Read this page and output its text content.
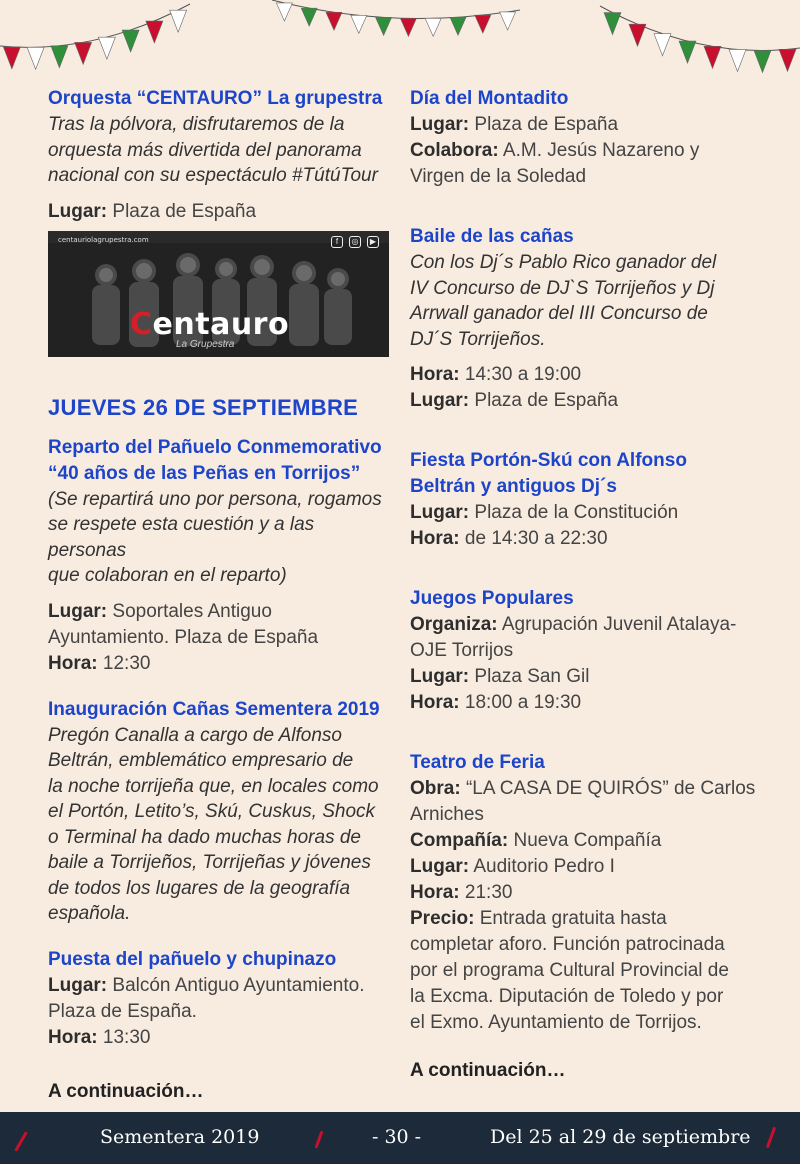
Orquesta “CENTAURO” La grupestra
Tras la pólvora, disfrutaremos de la
orquesta más divertida del panorama
nacional con su espectáculo #TútúTour
Lugar: Plaza de España
centauriolagrupestra.com	f	◎	▶
Centauro
La Grupestra
JUEVES 26 DE SEPTIEMBRE
Reparto del Pañuelo Conmemorativo
“40 años de las Peñas en Torrijos”
(Se repartirá uno por persona, rogamos
se respete esta cuestión y a las personas
que colaboran en el reparto)
Lugar: Soportales Antiguo
Ayuntamiento. Plaza de España
Hora: 12:30
Inauguración Cañas Sementera 2019
Pregón Canalla a cargo de Alfonso
Beltrán, emblemático empresario de
la noche torrijeña que, en locales como
el Portón, Letito’s, Skú, Cuskus, Shock
o Terminal ha dado muchas horas de
baile a Torrijeños, Torrijeñas y jóvenes
de todos los lugares de la geografía
española.
Puesta del pañuelo y chupinazo
Lugar: Balcón Antiguo Ayuntamiento.
Plaza de España.
Hora: 13:30
A continuación…
Día del Montadito
Lugar: Plaza de España
Colabora: A.M. Jesús Nazareno y
Virgen de la Soledad
Baile de las cañas
Con los Dj´s Pablo Rico ganador del
IV Concurso de DJ`S Torrijeños y Dj
Arrwall ganador del III Concurso de
DJ´S Torrijeños.
Hora: 14:30 a 19:00
Lugar: Plaza de España
Fiesta Portón-Skú con Alfonso
Beltrán y antiguos Dj´s
Lugar: Plaza de la Constitución
Hora: de 14:30 a 22:30
Juegos Populares
Organiza: Agrupación Juvenil Atalaya-
OJE Torrijos
Lugar: Plaza San Gil
Hora: 18:00 a 19:30
Teatro de Feria
Obra: “LA CASA DE QUIRÓS” de Carlos
Arniches
Compañía: Nueva Compañía
Lugar: Auditorio Pedro I
Hora: 21:30
Precio: Entrada gratuita hasta
completar aforo. Función patrocinada
por el programa Cultural Provincial de
la Excma. Diputación de Toledo y por
el Exmo. Ayuntamiento de Torrijos.
A continuación…
Sementera 2019	- 30 -	Del 25 al 29 de septiembre
